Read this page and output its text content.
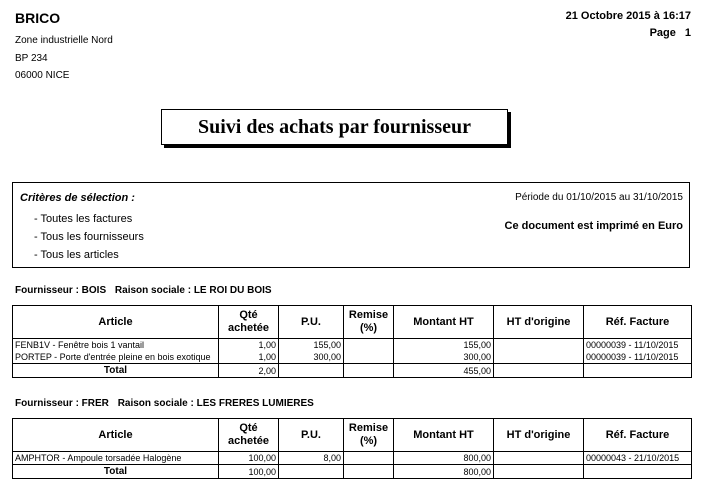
BRICO
Zone industrielle Nord
BP 234
06000 NICE
21 Octobre 2015 à 16:17
Page 1
Suivi des achats par fournisseur
Critères de sélection :
- Toutes les factures
- Tous les fournisseurs
- Tous les articles
Période du 01/10/2015 au 31/10/2015
Ce document est imprimé en Euro
Fournisseur : BOIS Raison sociale : LE ROI DU BOIS
Article	Qté achetée	P.U.	Remise (%)	Montant HT	HT d'origine	Réf. Facture
FENB1V - Fenêtre bois 1 vantail	1,00	155,00		155,00		00000039 - 11/10/2015
PORTEP - Porte d'entrée pleine en bois exotique	1,00	300,00		300,00		00000039 - 11/10/2015
Total	2,00			455,00		
Fournisseur : FRER Raison sociale : LES FRERES LUMIERES
Article	Qté achetée	P.U.	Remise (%)	Montant HT	HT d'origine	Réf. Facture
AMPHTOR - Ampoule torsadée Halogène	100,00	8,00		800,00		00000043 - 21/10/2015
Total	100,00			800,00		
